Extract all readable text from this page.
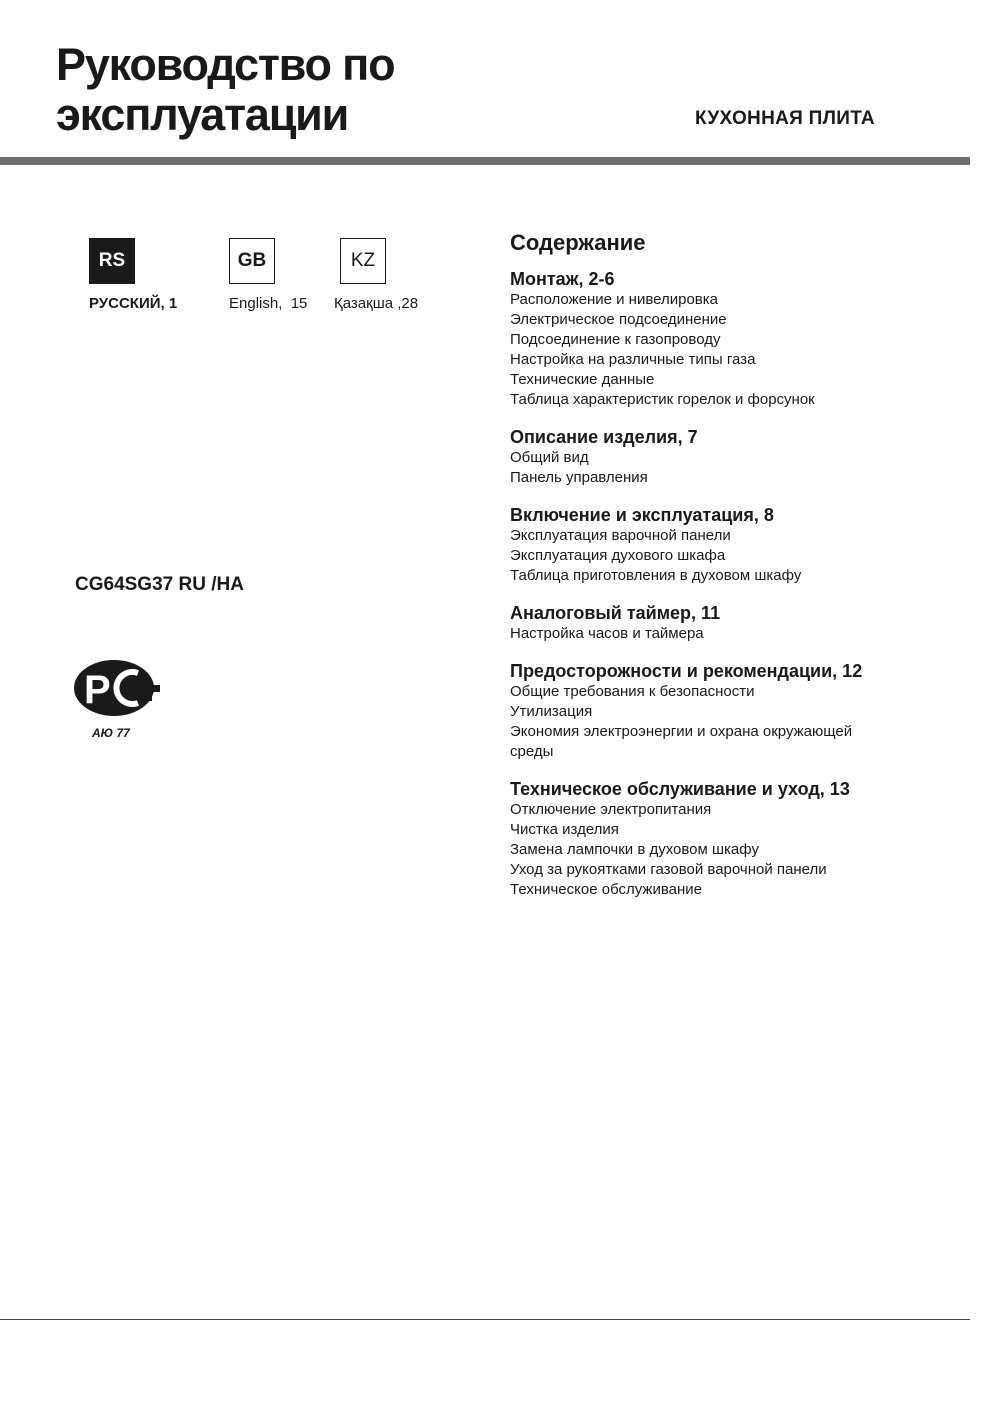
Руководство по
эксплуатации	КУХОННАЯ ПЛИТА
RS	GB	KZ
РУССКИЙ, 1	English,  15 Қазақша ,28
CG64SG37 RU /HA
Р
АЮ 77
Содержание
Монтаж, 2-6
Расположение и нивелировка
Электрическое подсоединение
Подсоединение к газопроводу
Настройка на различные типы газа
Технические данные
Таблица характеристик горелок и форсунок
Описание изделия, 7
Общий вид
Панель управления
Включение и эксплуатация, 8
Эксплуатация варочной панели
Эксплуатация духового шкафа
Таблица приготовления в духовом шкафу
Аналоговый таймер, 11
Настройка часов и таймера
Предосторожности и рекомендации, 12
Общие требования к безопасности
Утилизация
Экономия электроэнергии и охрана окружающей
среды
Техническое обслуживание и уход, 13
Отключение электропитания
Чистка изделия
Замена лампочки в духовом шкафу
Уход за рукоятками газовой варочной панели
Техническое обслуживание
